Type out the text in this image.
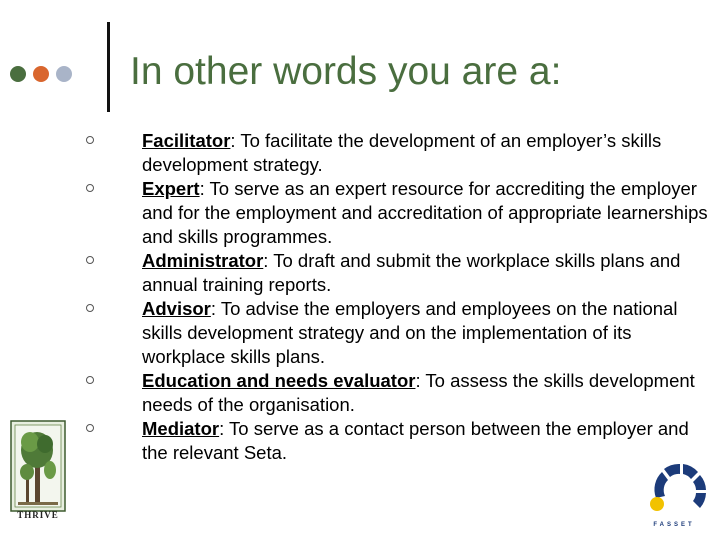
In other words you are a:
Facilitator: To facilitate the development of an employer’s skills development strategy.
Expert: To serve as an expert resource for accrediting the employer and for the employment and accreditation of appropriate learnerships and skills programmes.
Administrator: To draft and submit the workplace skills plans and annual training reports.
Advisor: To advise the employers and employees on the national skills development strategy and on the implementation of its workplace skills plans.
Education and needs evaluator: To assess the skills development needs of the organisation.
Mediator: To serve as a contact person between the employer and the relevant Seta.
THRIVE
FASSET
